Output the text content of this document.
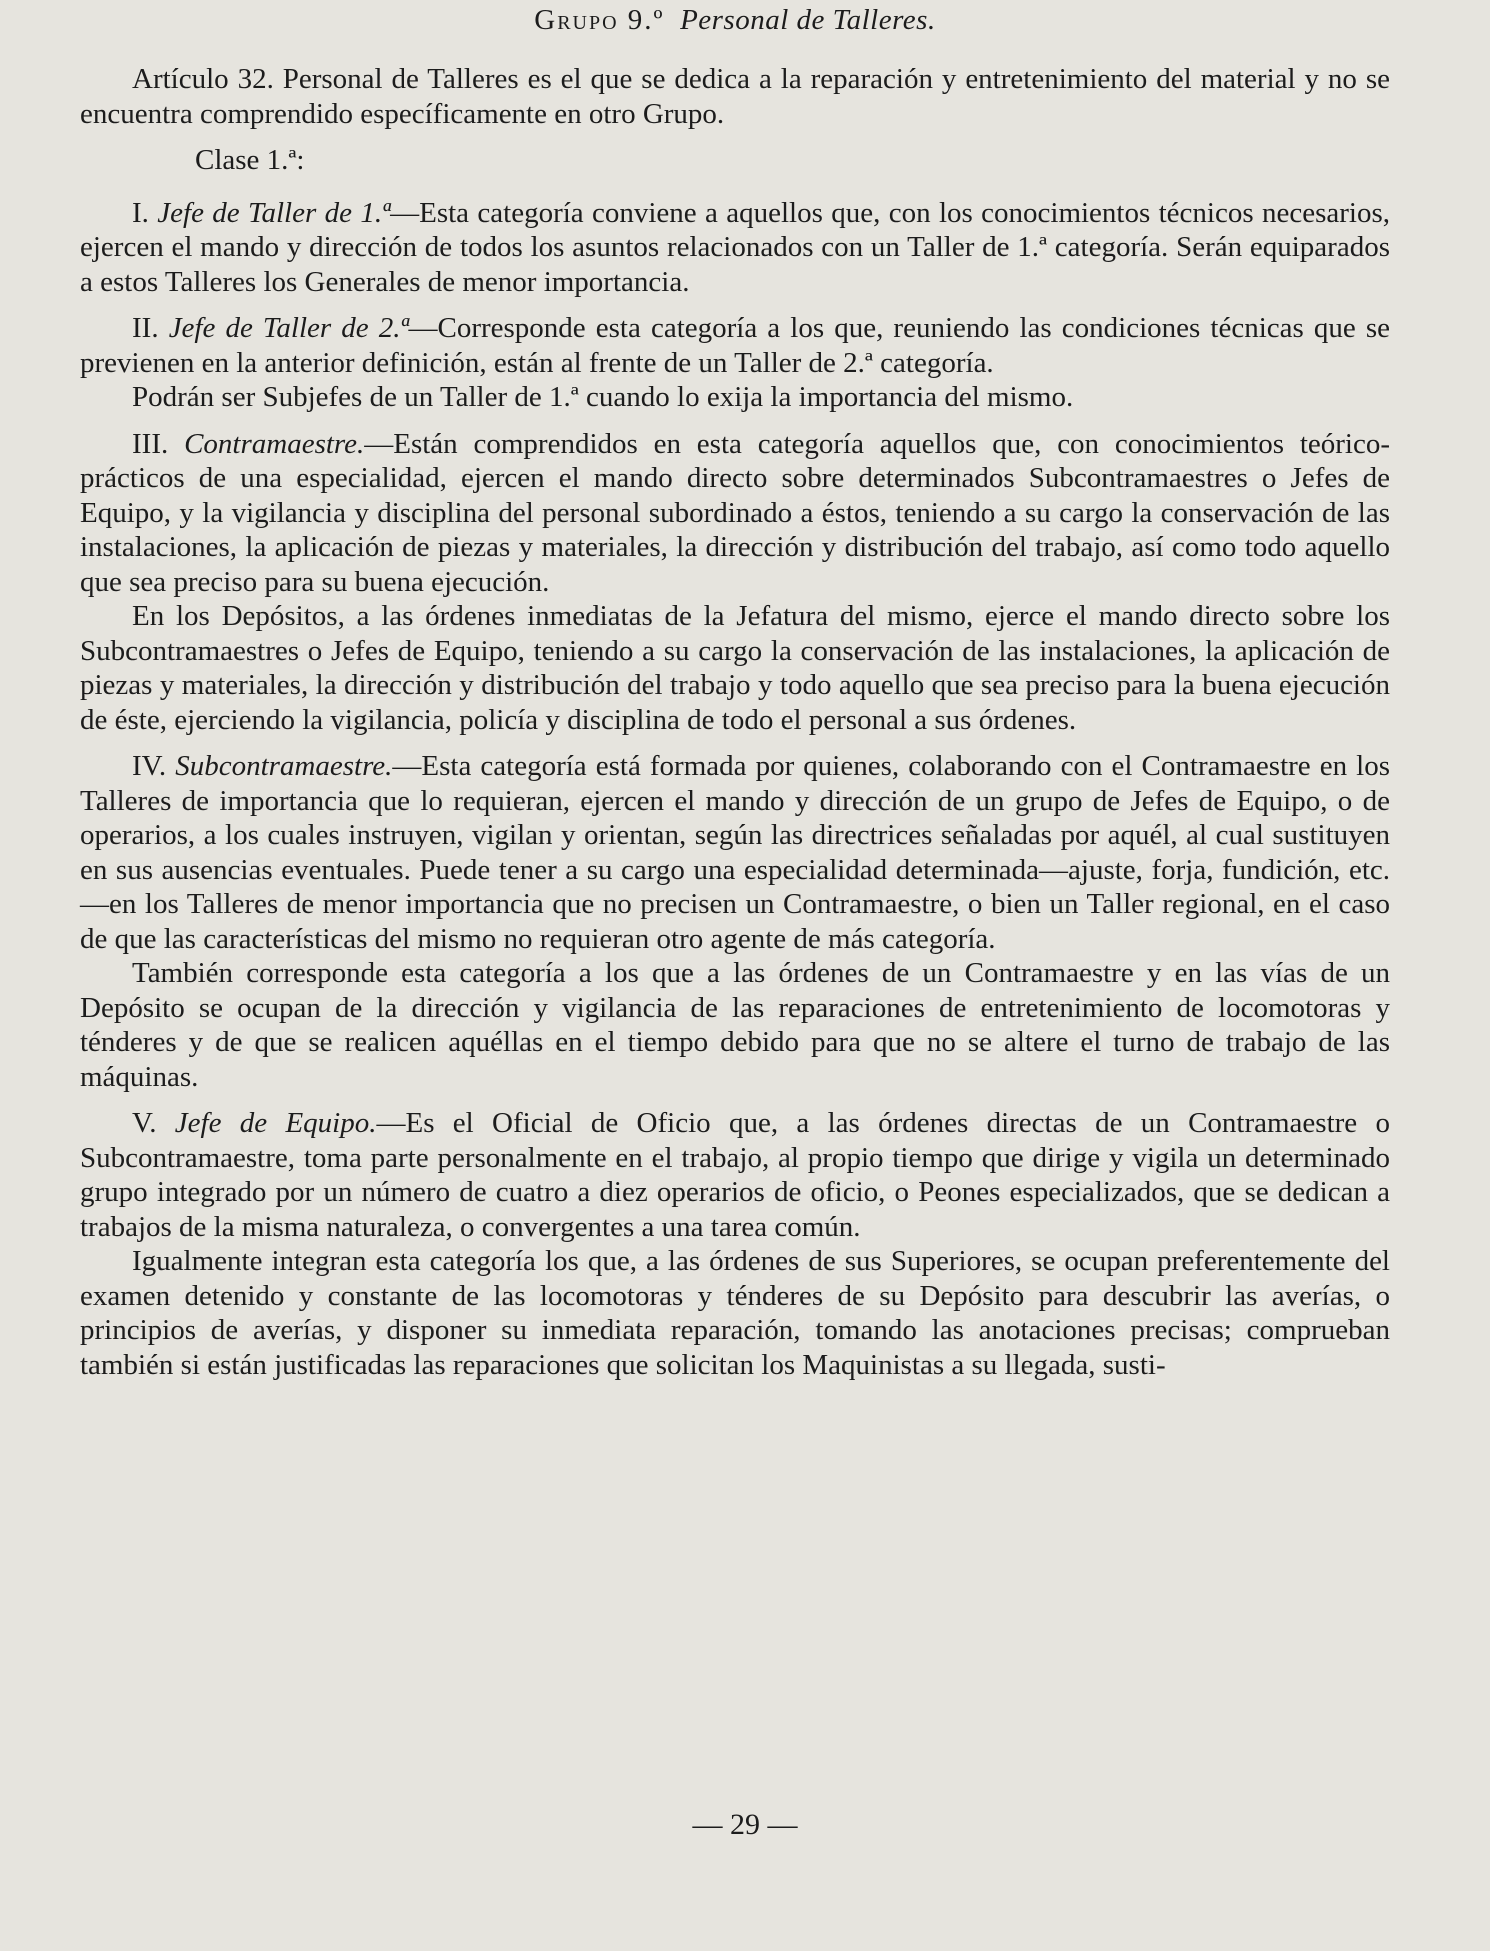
Grupo 9.º Personal de Talleres.

Artículo 32. Personal de Talleres es el que se dedica a la reparación y entretenimiento del material y no se encuentra comprendido específicamente en otro Grupo.

Clase 1.ª:

I. Jefe de Taller de 1.ª—Esta categoría conviene a aquellos que, con los conocimientos técnicos necesarios, ejercen el mando y dirección de todos los asuntos relacionados con un Taller de 1.ª categoría. Serán equiparados a estos Talleres los Generales de menor importancia.

II. Jefe de Taller de 2.ª—Corresponde esta categoría a los que, reuniendo las condiciones técnicas que se previenen en la anterior definición, están al frente de un Taller de 2.ª categoría.

Podrán ser Subjefes de un Taller de 1.ª cuando lo exija la importancia del mismo.

III. Contramaestre.—Están comprendidos en esta categoría aquellos que, con conocimientos teórico-prácticos de una especialidad, ejercen el mando directo sobre determinados Subcontramaestres o Jefes de Equipo, y la vigilancia y disciplina del personal subordinado a éstos, teniendo a su cargo la conservación de las instalaciones, la aplicación de piezas y materiales, la dirección y distribución del trabajo, así como todo aquello que sea preciso para su buena ejecución.

En los Depósitos, a las órdenes inmediatas de la Jefatura del mismo, ejerce el mando directo sobre los Subcontramaestres o Jefes de Equipo, teniendo a su cargo la conservación de las instalaciones, la aplicación de piezas y materiales, la dirección y distribución del trabajo y todo aquello que sea preciso para la buena ejecución de éste, ejerciendo la vigilancia, policía y disciplina de todo el personal a sus órdenes.

IV. Subcontramaestre.—Esta categoría está formada por quienes, colaborando con el Contramaestre en los Talleres de importancia que lo requieran, ejercen el mando y dirección de un grupo de Jefes de Equipo, o de operarios, a los cuales instruyen, vigilan y orientan, según las directrices señaladas por aquél, al cual sustituyen en sus ausencias eventuales. Puede tener a su cargo una especialidad determinada—ajuste, forja, fundición, etc.—en los Talleres de menor importancia que no precisen un Contramaestre, o bien un Taller regional, en el caso de que las características del mismo no requieran otro agente de más categoría.

También corresponde esta categoría a los que a las órdenes de un Contramaestre y en las vías de un Depósito se ocupan de la dirección y vigilancia de las reparaciones de entretenimiento de locomotoras y ténderes y de que se realicen aquéllas en el tiempo debido para que no se altere el turno de trabajo de las máquinas.

V. Jefe de Equipo.—Es el Oficial de Oficio que, a las órdenes directas de un Contramaestre o Subcontramaestre, toma parte personalmente en el trabajo, al propio tiempo que dirige y vigila un determinado grupo integrado por un número de cuatro a diez operarios de oficio, o Peones especializados, que se dedican a trabajos de la misma naturaleza, o convergentes a una tarea común.

Igualmente integran esta categoría los que, a las órdenes de sus Superiores, se ocupan preferentemente del examen detenido y constante de las locomotoras y ténderes de su Depósito para descubrir las averías, o principios de averías, y disponer su inmediata reparación, tomando las anotaciones precisas; comprueban también si están justificadas las reparaciones que solicitan los Maquinistas a su llegada, susti-

— 29 —
